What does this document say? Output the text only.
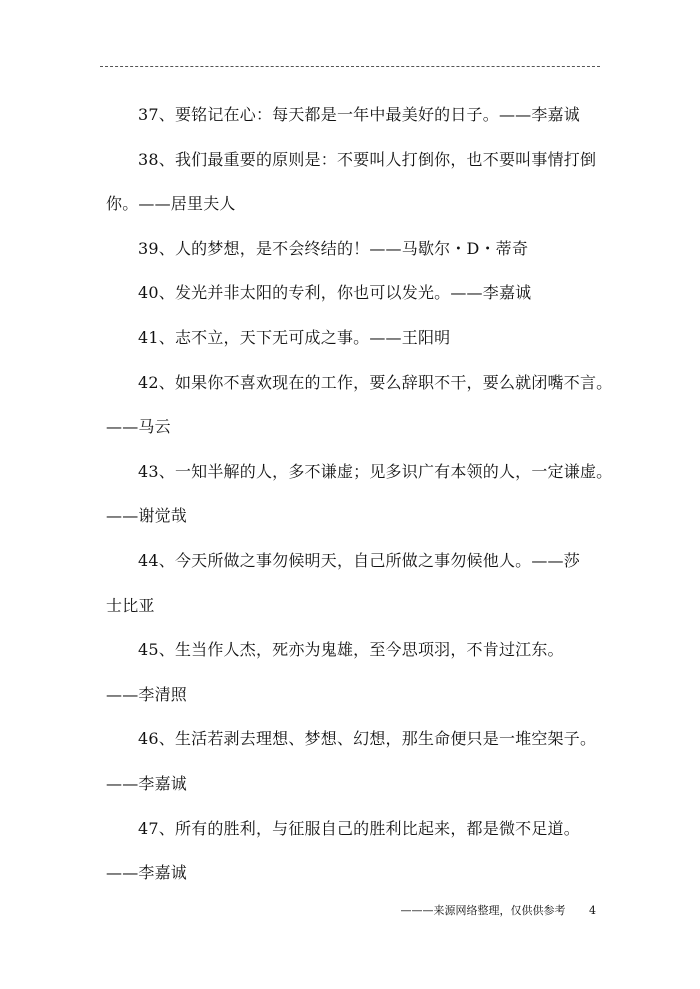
37、要铭记在心：每天都是一年中最美好的日子。——李嘉诚
38、我们最重要的原则是：不要叫人打倒你，也不要叫事情打倒
你。——居里夫人
39、人的梦想，是不会终结的！——马歇尔・D・蒂奇
40、发光并非太阳的专利，你也可以发光。——李嘉诚
41、志不立，天下无可成之事。——王阳明
42、如果你不喜欢现在的工作，要么辞职不干，要么就闭嘴不言。
——马云
43、一知半解的人，多不谦虚；见多识广有本领的人，一定谦虚。
——谢觉哉
44、今天所做之事勿候明天，自己所做之事勿候他人。——莎
士比亚
45、生当作人杰，死亦为鬼雄，至今思项羽，不肯过江东。
——李清照
46、生活若剥去理想、梦想、幻想，那生命便只是一堆空架子。
——李嘉诚
47、所有的胜利，与征服自己的胜利比起来，都是微不足道。
——李嘉诚
———来源网络整理，仅供供参考 4
